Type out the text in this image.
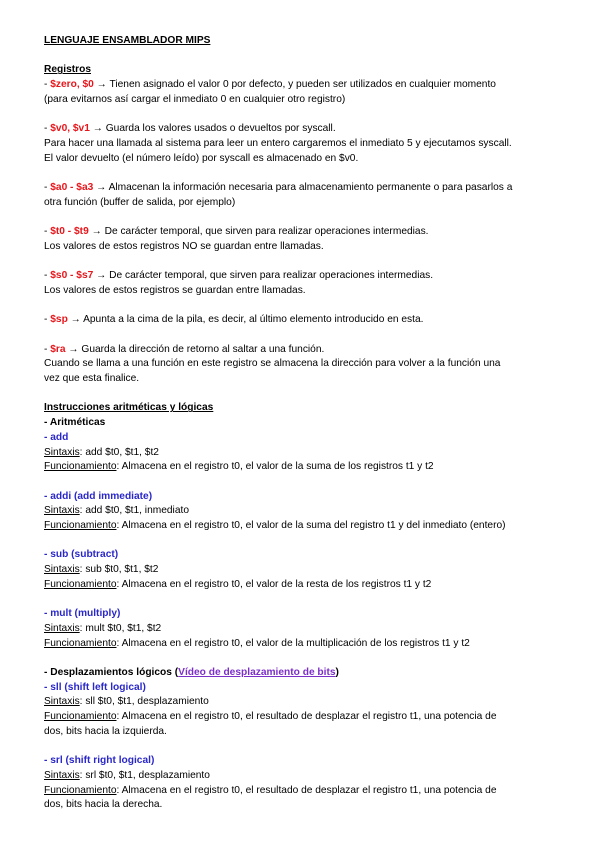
LENGUAJE ENSAMBLADOR MIPS
Registros
- $zero, $0 → Tienen asignado el valor 0 por defecto, y pueden ser utilizados en cualquier momento
(para evitarnos así cargar el inmediato 0 en cualquier otro registro)
- $v0, $v1 → Guarda los valores usados o devueltos por syscall.
Para hacer una llamada al sistema para leer un entero cargaremos el inmediato 5 y ejecutamos syscall.
El valor devuelto (el número leído) por syscall es almacenado en $v0.
- $a0 - $a3 → Almacenan la información necesaria para almacenamiento permanente o para pasarlos a
otra función (buffer de salida, por ejemplo)
- $t0 - $t9 → De carácter temporal, que sirven para realizar operaciones intermedias.
Los valores de estos registros NO se guardan entre llamadas.
- $s0 - $s7 → De carácter temporal, que sirven para realizar operaciones intermedias.
Los valores de estos registros se guardan entre llamadas.
- $sp → Apunta a la cima de la pila, es decir, al último elemento introducido en esta.
- $ra → Guarda la dirección de retorno al saltar a una función.
Cuando se llama a una función en este registro se almacena la dirección para volver a la función una
vez que esta finalice.
Instrucciones aritméticas y lógicas
- Aritméticas
- add
Sintaxis: add $t0, $t1, $t2
Funcionamiento: Almacena en el registro t0, el valor de la suma de los registros t1 y t2
- addi (add immediate)
Sintaxis: add $t0, $t1, inmediato
Funcionamiento: Almacena en el registro t0, el valor de la suma del registro t1 y del inmediato (entero)
- sub (subtract)
Sintaxis: sub $t0, $t1, $t2
Funcionamiento: Almacena en el registro t0, el valor de la resta de los registros t1 y t2
- mult (multiply)
Sintaxis: mult $t0, $t1, $t2
Funcionamiento: Almacena en el registro t0, el valor de la multiplicación de los registros t1 y t2
- Desplazamientos lógicos (Vídeo de desplazamiento de bits)
- sll (shift left logical)
Sintaxis: sll $t0, $t1, desplazamiento
Funcionamiento: Almacena en el registro t0, el resultado de desplazar el registro t1, una potencia de
dos, bits hacia la izquierda.
- srl (shift right logical)
Sintaxis: srl $t0, $t1, desplazamiento
Funcionamiento: Almacena en el registro t0, el resultado de desplazar el registro t1, una potencia de
dos, bits hacia la derecha.
